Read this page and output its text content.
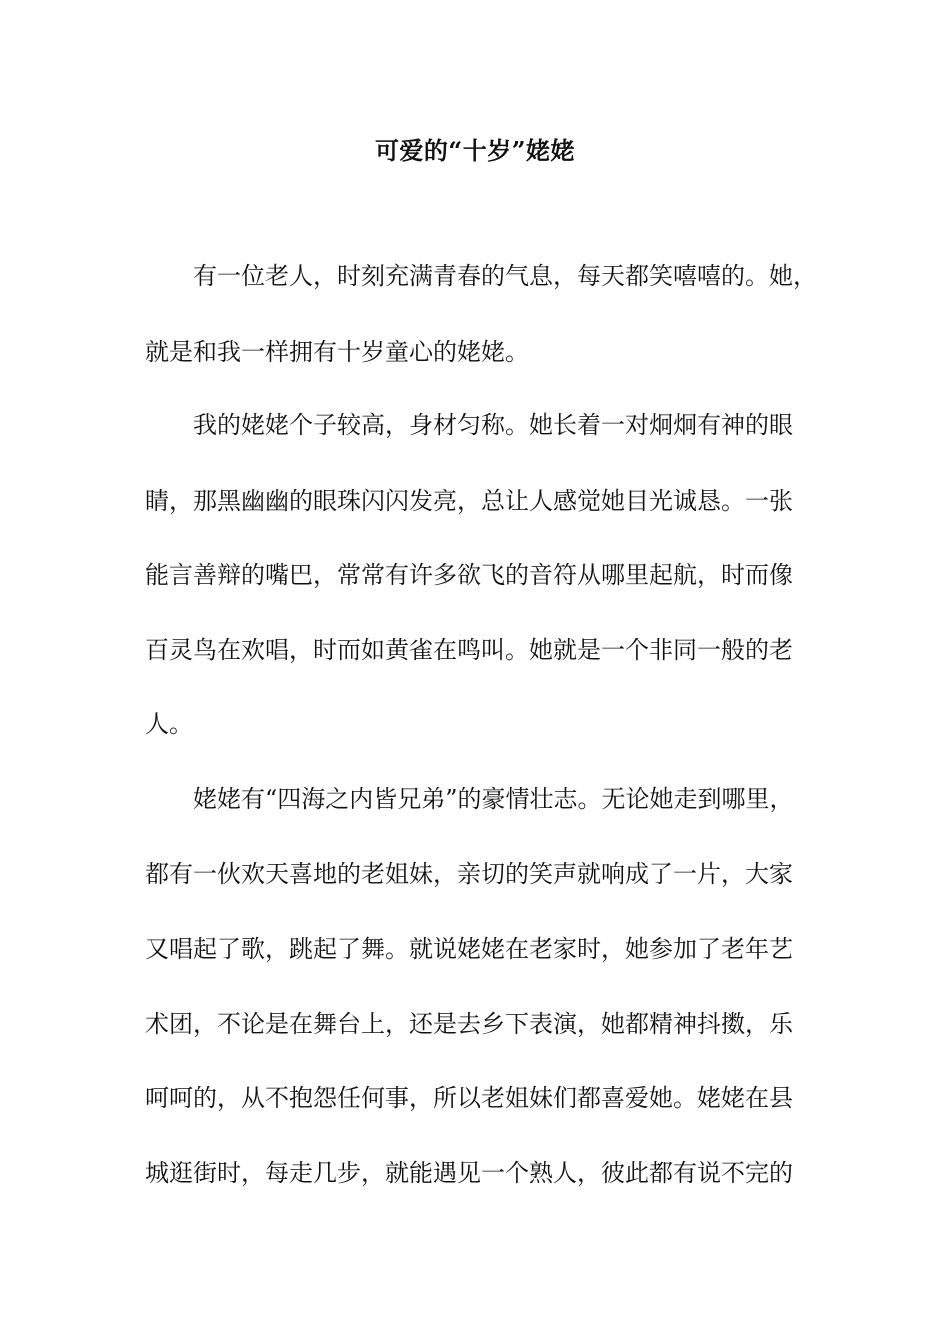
可爱的“十岁”姥姥
有一位老人，时刻充满青春的气息，每天都笑嘻嘻的。她，
就是和我一样拥有十岁童心的姥姥。
我的姥姥个子较高，身材匀称。她长着一对炯炯有神的眼
睛，那黑幽幽的眼珠闪闪发亮，总让人感觉她目光诚恳。一张
能言善辩的嘴巴，常常有许多欲飞的音符从哪里起航，时而像
百灵鸟在欢唱，时而如黄雀在鸣叫。她就是一个非同一般的老
人。
姥姥有“四海之内皆兄弟”的豪情壮志。无论她走到哪里，
都有一伙欢天喜地的老姐妹，亲切的笑声就响成了一片，大家
又唱起了歌，跳起了舞。就说姥姥在老家时，她参加了老年艺
术团，不论是在舞台上，还是去乡下表演，她都精神抖擞，乐
呵呵的，从不抱怨任何事，所以老姐妹们都喜爱她。姥姥在县
城逛街时，每走几步，就能遇见一个熟人，彼此都有说不完的
